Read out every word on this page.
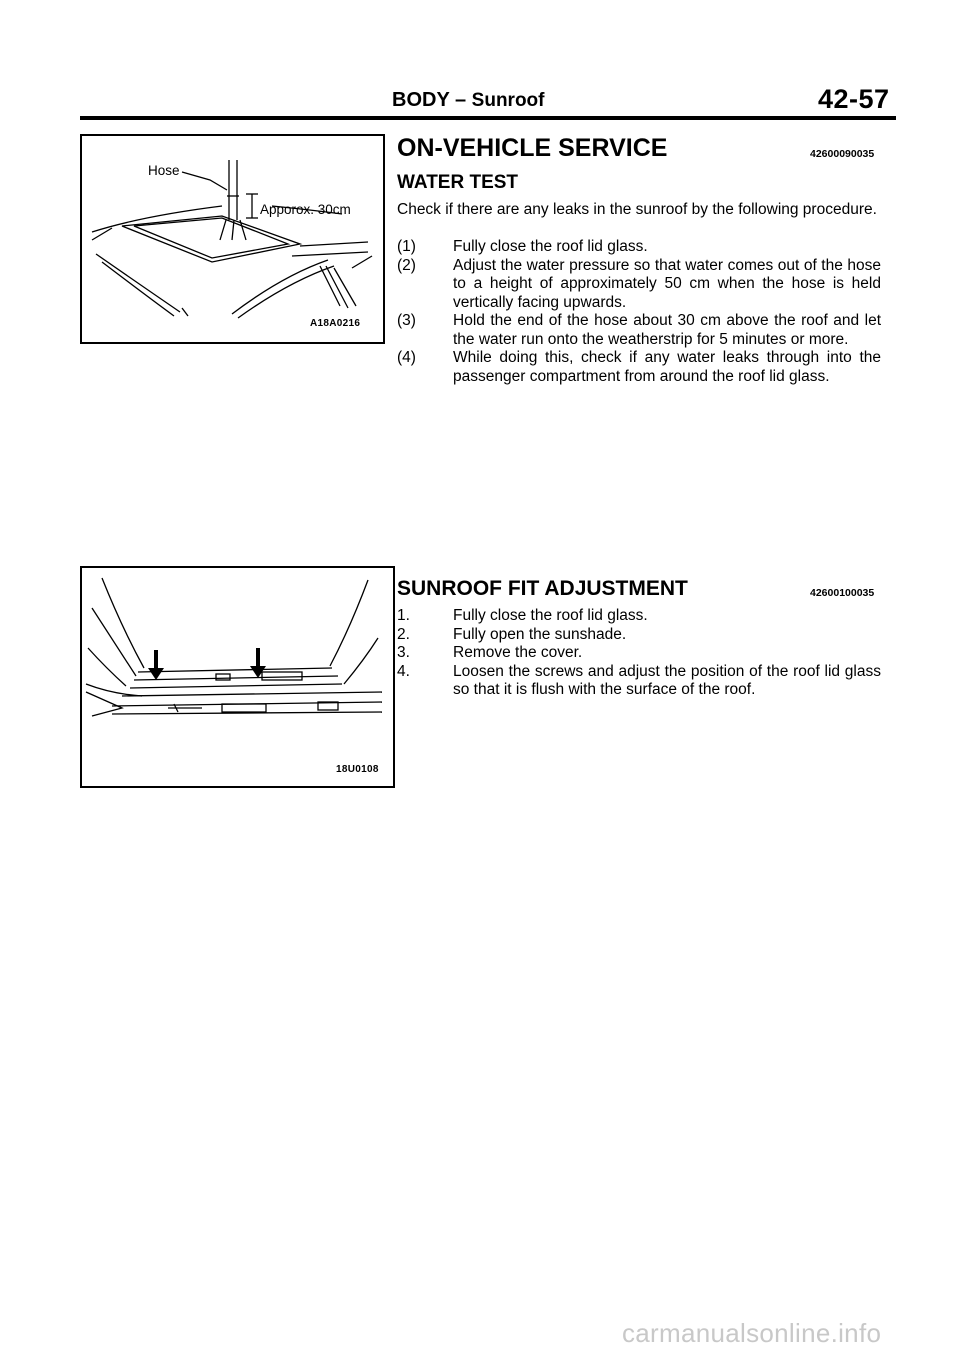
BODY – Sunroof	42-57
Hose
Apporox. 30cm
A18A0216
18U0108
ON-VEHICLE SERVICE	42600090035
WATER TEST
Check if there are any leaks in the sunroof by the following procedure.
(1) Fully close the roof lid glass.
(2) Adjust the water pressure so that water comes out of the hose to a height of approximately 50 cm when the hose is held vertically facing upwards.
(3) Hold the end of the hose about 30 cm above the roof and let the water run onto the weatherstrip for 5 minutes or more.
(4) While doing this, check if any water leaks through into the passenger compartment from around the roof lid glass.
SUNROOF FIT ADJUSTMENT	42600100035
1.	Fully close the roof lid glass.
2.	Fully open the sunshade.
3.	Remove the cover.
4.	Loosen the screws and adjust the position of the roof lid glass so that it is flush with the surface of the roof.
carmanualsonline.info
